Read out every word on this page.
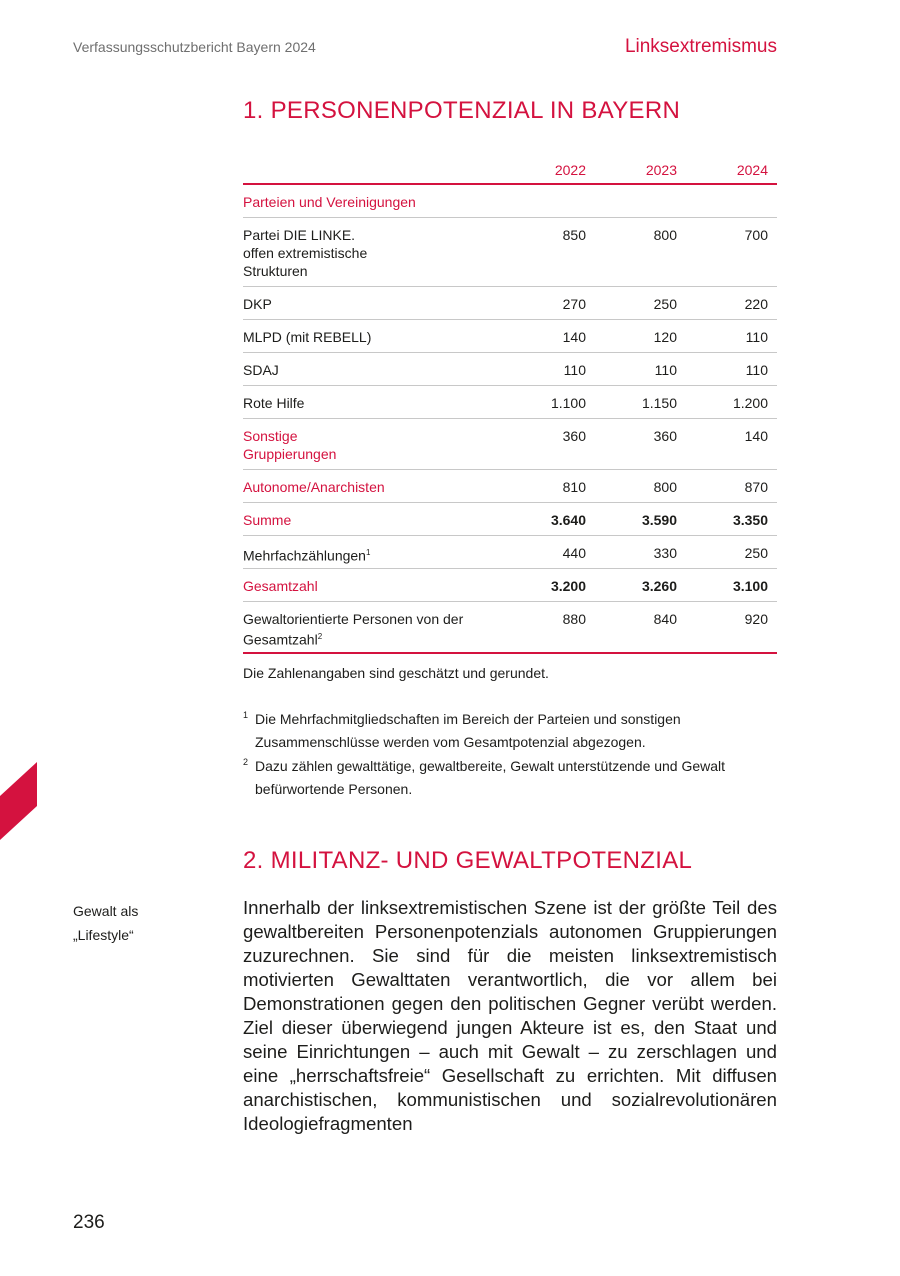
Verfassungsschutzbericht Bayern 2024	Linksextremismus
1. PERSONENPOTENZIAL IN BAYERN
2022	2023	2024
Parteien und Vereinigungen
Partei DIE LINKE.
offen extremistische
Strukturen
850	800	700
DKP	270	250	220
MLPD (mit REBELL)	140	120	110
SDAJ	110	110	110
Rote Hilfe	1.100	1.150	1.200
Sonstige
Gruppierungen
360	360	140
Autonome/Anarchisten	810	800	870
Summe	3.640	3.590	3.350
Mehrfachzählungen$^1$	440	330	250
Gesamtzahl	3.200	3.260	3.100
Gewaltorientierte Personen von der
Gesamtzahl$^2$
880	840	920
Die Zahlenangaben sind geschätzt und gerundet.
1 Die Mehrfachmitgliedschaften im Bereich der Parteien und sonstigen Zusammenschlüsse werden vom Gesamtpotenzial abgezogen.
2 Dazu zählen gewalttätige, gewaltbereite, Gewalt unterstützende und Gewalt befürwortende Personen.
2. MILITANZ- UND GEWALTPOTENZIAL
Gewalt als
„Lifestyle“
Innerhalb der linksextremistischen Szene ist der größte Teil des gewaltbereiten Personenpotenzials autonomen Gruppierungen zuzurechnen. Sie sind für die meisten linksextremistisch motivierten Gewalttaten verantwortlich, die vor allem bei Demonstrationen gegen den politischen Gegner verübt werden. Ziel dieser überwiegend jungen Akteure ist es, den Staat und seine Einrichtungen – auch mit Gewalt – zu zerschlagen und eine „herrschaftsfreie“ Gesellschaft zu errichten. Mit diffusen anarchistischen, kommunistischen und sozialrevolutionären Ideologiefragmenten
236
